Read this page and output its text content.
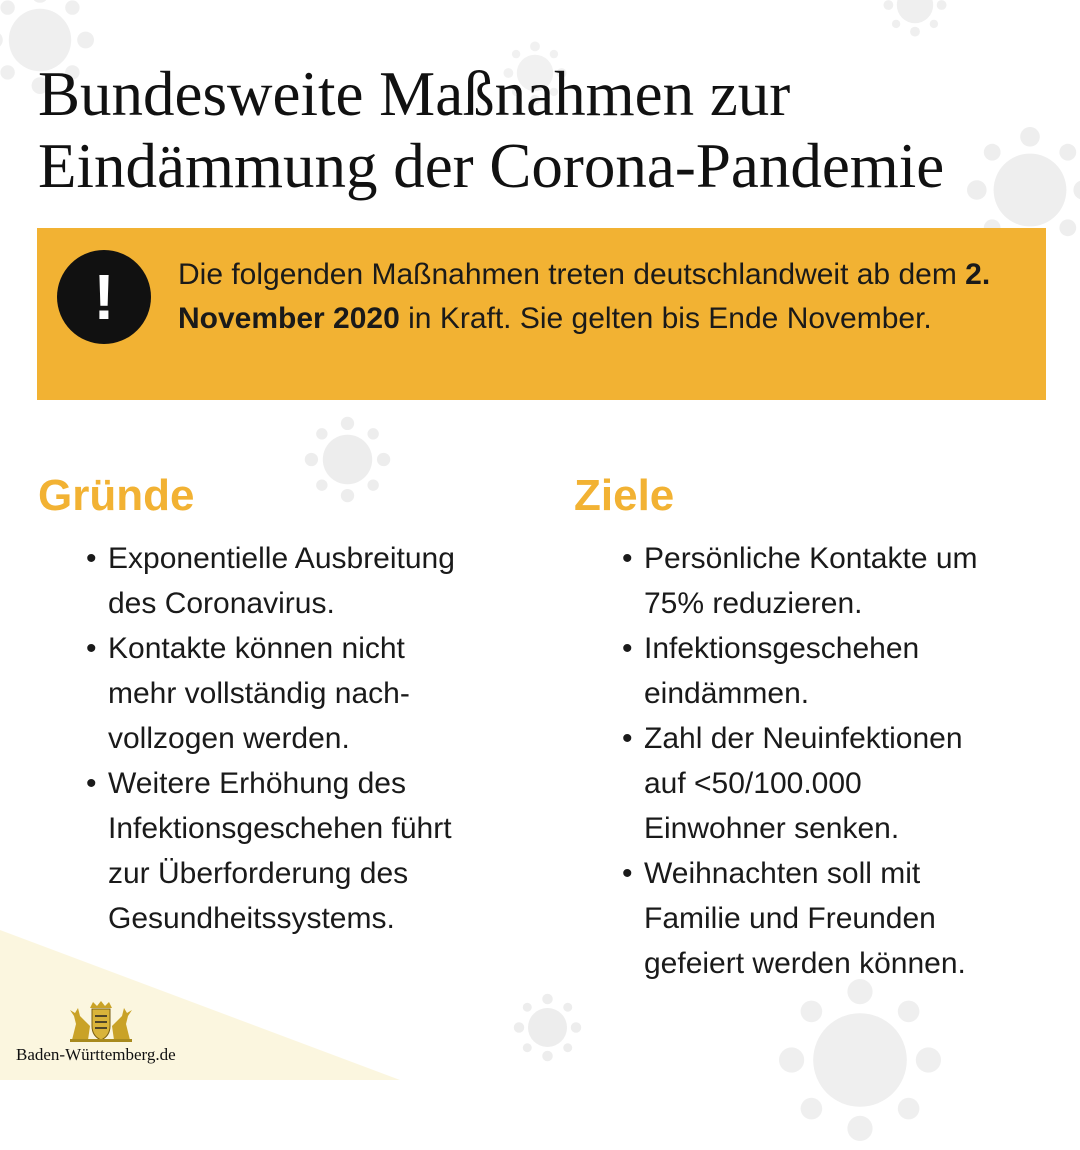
Bundesweite Maßnahmen zur
Eindämmung der Corona-Pandemie
!	Die folgenden Maßnahmen treten deutschlandweit ab dem 2. November 2020 in Kraft. Sie gelten bis Ende November.

Gründe
• Exponentielle Ausbreitung
des Coronavirus.
• Kontakte können nicht
mehr vollständig nach-
vollzogen werden.
• Weitere Erhöhung des
Infektionsgeschehen führt
zur Überforderung des
Gesundheitssystems.
Ziele
• Persönliche Kontakte um
75% reduzieren.
• Infektionsgeschehen
eindämmen.
• Zahl der Neuinfektionen
auf <50/100.000
Einwohner senken.
• Weihnachten soll mit
Familie und Freunden
gefeiert werden können.
Baden-Württemberg.de
